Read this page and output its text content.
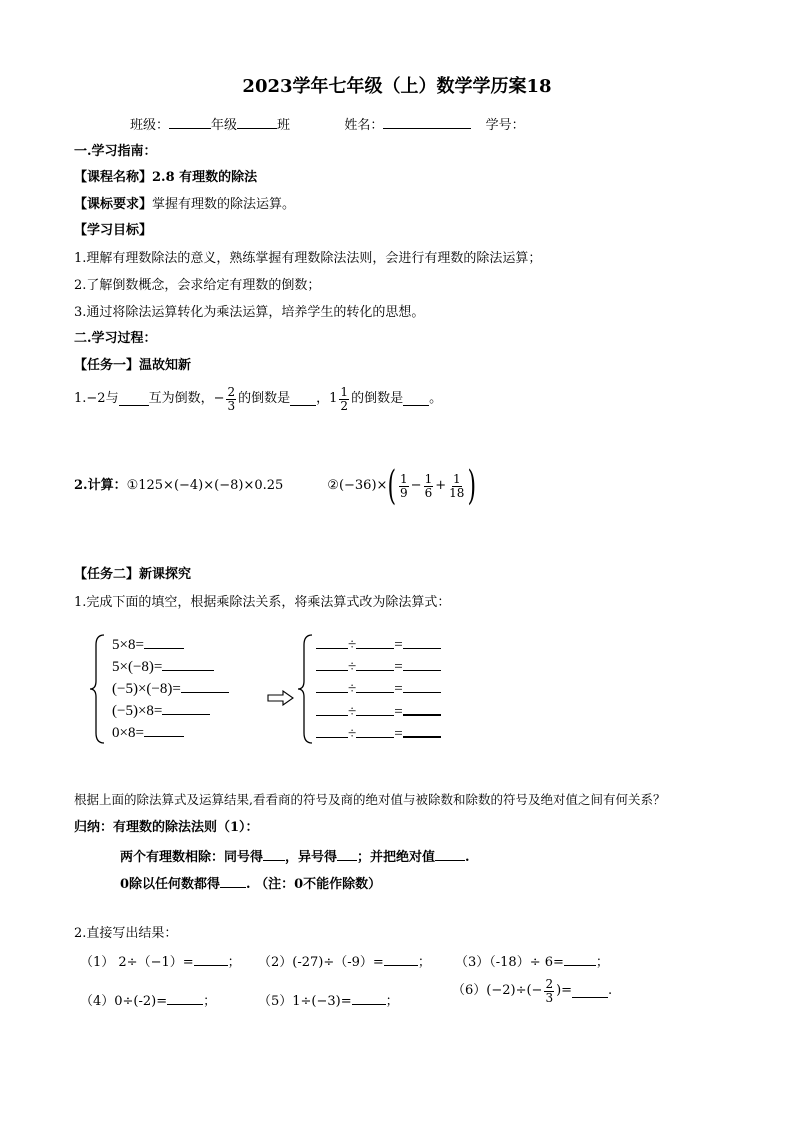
2023学年七年级（上）数学学历案18
班级：	年级	班	姓名：	学号：
一.学习指南：
【课程名称】2.8 有理数的除法
【课标要求】掌握有理数的除法运算。
【学习目标】
1.理解有理数除法的意义，熟练掌握有理数除法法则，会进行有理数的除法运算；
2.了解倒数概念，会求给定有理数的倒数；
3.通过将除法运算转化为乘法运算，培养学生的转化的思想。
二.学习过程：
【任务一】温故知新
1.−2与 互为倒数，− $\frac{2}{3}$ 的倒数是 ，$1 \frac{1}{2}$ 的倒数是 。
2.计算： ①125×(−4)×(−8)×0.25	②(−36)× ( $\frac{1}{9} - \frac{1}{6} + \frac{1}{18}$ )
【任务二】新课探究
1.完成下面的填空，根据乘除法关系，将乘法算式改为除法算式：
5×8=
5×(−8)=
(−5)×(−8)=
(−5)×8=
0×8=
÷	=
÷	=
÷	=
÷	=
÷	=
根据上面的除法算式及运算结果,看看商的符号及商的绝对值与被除数和除数的符号及绝对值之间有何关系？
归纳：有理数的除法法则（1）：
两个有理数相除：同号得 ，异号得 ；并把绝对值 .
0除以任何数都得 . （注：0不能作除数）
2.直接写出结果：
（1） 2÷（−1）=	； （2）(-27)÷（-9）=	； （3）（-18）÷ 6= ；
（4）0÷(-2)=	；	（5）1÷(−3)=	；
$(6)(-2)\div(- \frac{2}{3}$ )=	.
